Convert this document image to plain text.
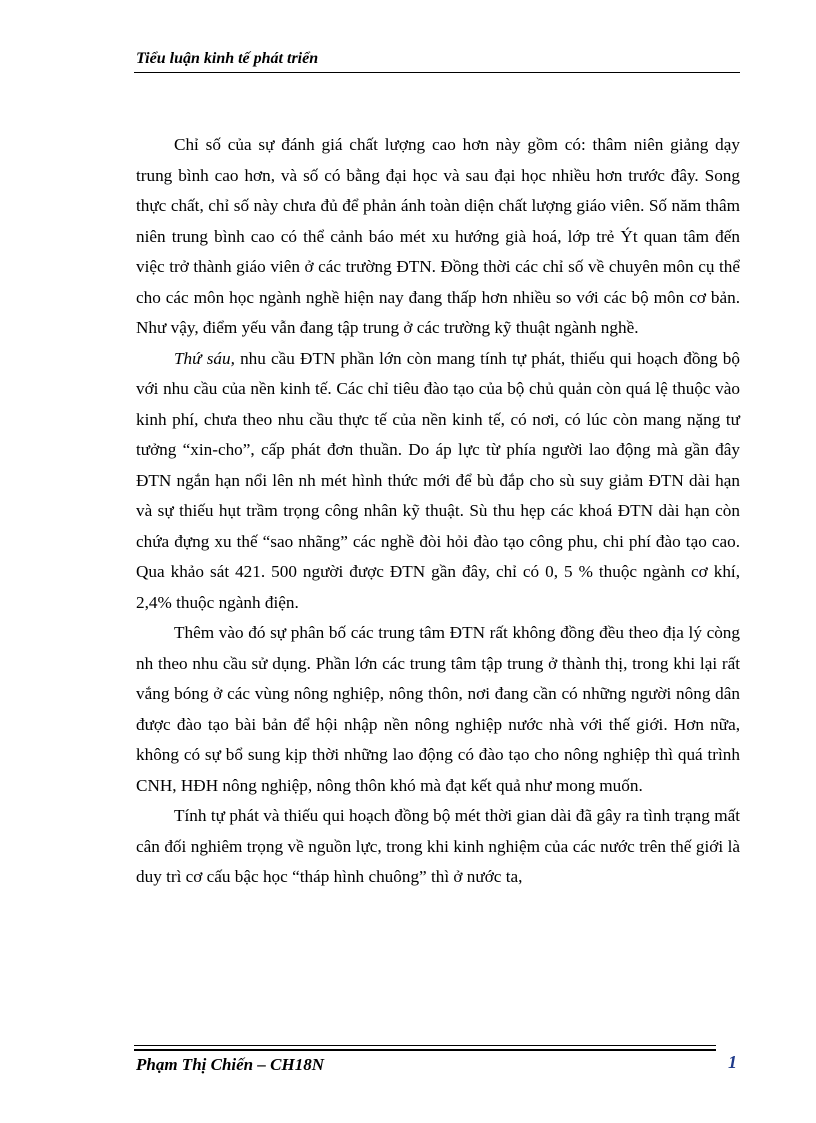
Tiểu luận kinh tế phát triển

Chỉ số của sự đánh giá chất lượng cao hơn này gồm có: thâm niên giảng dạy trung bình cao hơn, và số có bằng đại học và sau đại học nhiều hơn trước đây. Song thực chất, chỉ số này chưa đủ để phản ánh toàn diện chất lượng giáo viên. Số năm thâm niên trung bình cao có thể cảnh báo mét xu hướng già hoá, lớp trẻ Ýt quan tâm đến việc trở thành giáo viên ở các trường ĐTN. Đồng thời các chỉ số về chuyên môn cụ thể cho các môn học ngành nghề hiện nay đang thấp hơn nhiều so với các bộ môn cơ bản. Như vậy, điểm yếu vẫn đang tập trung ở các trường kỹ thuật ngành nghề.

Thứ sáu, nhu cầu ĐTN phần lớn còn mang tính tự phát, thiếu qui hoạch đồng bộ với nhu cầu của nền kinh tế. Các chỉ tiêu đào tạo của bộ chủ quản còn quá lệ thuộc vào kinh phí, chưa theo nhu cầu thực tế của nền kinh tế, có nơi, có lúc còn mang nặng tư tưởng “xin-cho”, cấp phát đơn thuần. Do áp lực từ phía người lao động mà gần đây ĐTN ngắn hạn nổi lên nh mét hình thức mới để bù đắp cho sù suy giảm ĐTN dài hạn và sự thiếu hụt trầm trọng công nhân kỹ thuật. Sù thu hẹp các khoá ĐTN dài hạn còn chứa đựng xu thế “sao nhãng” các nghề đòi hỏi đào tạo công phu, chi phí đào tạo cao. Qua khảo sát 421. 500 người được ĐTN gần đây, chỉ có 0, 5 % thuộc ngành cơ khí, 2,4% thuộc ngành điện.

Thêm vào đó sự phân bố các trung tâm ĐTN rất không đồng đều theo địa lý còng nh theo nhu cầu sử dụng. Phần lớn các trung tâm tập trung ở thành thị, trong khi lại rất vắng bóng ở các vùng nông nghiệp, nông thôn, nơi đang cần có những người nông dân được đào tạo bài bản để hội nhập nền nông nghiệp nước nhà với thế giới. Hơn nữa, không có sự bổ sung kịp thời những lao động có đào tạo cho nông nghiệp thì quá trình CNH, HĐH nông nghiệp, nông thôn khó mà đạt kết quả như mong muốn.

Tính tự phát và thiếu qui hoạch đồng bộ mét thời gian dài đã gây ra tình trạng mất cân đối nghiêm trọng về nguồn lực, trong khi kinh nghiệm của các nước trên thế giới là duy trì cơ cấu bậc học “tháp hình chuông” thì ở nước ta,

Phạm Thị Chiến – CH18N	1
